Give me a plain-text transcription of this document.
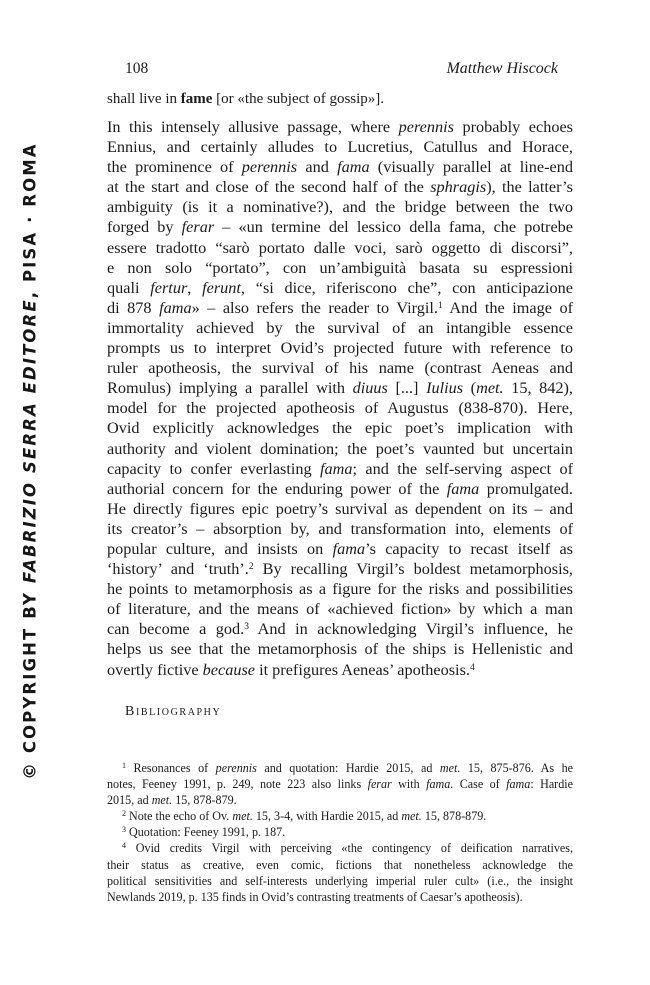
© COPYRIGHT BY FABRIZIO SERRA EDITORE, PISA · ROMA
108	Matthew Hiscock
shall live in fame [or «the subject of gossip»].
In this intensely allusive passage, where perennis probably echoes
Ennius, and certainly alludes to Lucretius, Catullus and Horace,
the prominence of perennis and fama (visually parallel at line-end
at the start and close of the second half of the sphragis), the latter’s
ambiguity (is it a nominative?), and the bridge between the two
forged by ferar – «un termine del lessico della fama, che potrebe
essere tradotto “sarò portato dalle voci, sarò oggetto di discorsi”,
e non solo “portato”, con un’ambiguità basata su espressioni
quali fertur, ferunt, “si dice, riferiscono che”, con anticipazione
di 878 fama» – also refers the reader to Virgil.$^1$ And the image of
immortality achieved by the survival of an intangible essence
prompts us to interpret Ovid’s projected future with reference to
ruler apotheosis, the survival of his name (contrast Aeneas and
Romulus) implying a parallel with diuus [...] Iulius (met. 15, 842),
model for the projected apotheosis of Augustus (838-870). Here,
Ovid explicitly acknowledges the epic poet’s implication with
authority and violent domination; the poet’s vaunted but uncertain
capacity to confer everlasting fama; and the self-serving aspect of
authorial concern for the enduring power of the fama promulgated.
He directly figures epic poetry’s survival as dependent on its – and
its creator’s – absorption by, and transformation into, elements of
popular culture, and insists on fama’s capacity to recast itself as
‘history’ and ‘truth’.$^2$ By recalling Virgil’s boldest metamorphosis,
he points to metamorphosis as a figure for the risks and possibilities
of literature, and the means of «achieved fiction» by which a man
can become a god.$^3$ And in acknowledging Virgil’s influence, he
helps us see that the metamorphosis of the ships is Hellenistic and
overtly fictive because it prefigures Aeneas’ apotheosis.$^4$
Bibliography
$^1$ Resonances of perennis and quotation: Hardie 2015, ad met. 15, 875-876. As he
notes, Feeney 1991, p. 249, note 223 also links ferar with fama. Case of fama: Hardie
2015, ad met. 15, 878-879.
$^2$ Note the echo of Ov. met. 15, 3-4, with Hardie 2015, ad met. 15, 878-879.
$^3$ Quotation: Feeney 1991, p. 187.
$^4$ Ovid credits Virgil with perceiving «the contingency of deification narratives,
their status as creative, even comic, fictions that nonetheless acknowledge the
political sensitivities and self-interests underlying imperial ruler cult» (i.e., the insight
Newlands 2019, p. 135 finds in Ovid’s contrasting treatments of Caesar’s apotheosis).
